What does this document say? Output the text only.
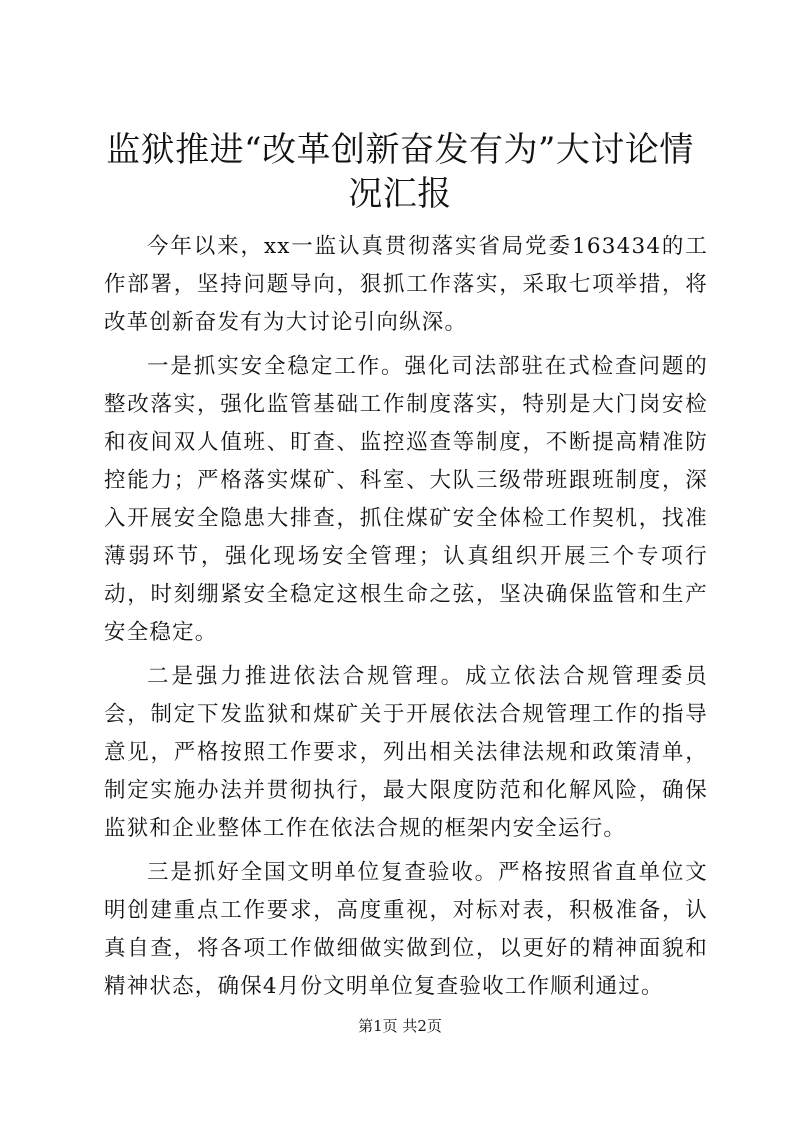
监狱推进“改革创新奋发有为”大讨论情况汇报

今年以来，xx一监认真贯彻落实省局党委163434的工作部署，坚持问题导向，狠抓工作落实，采取七项举措，将改革创新奋发有为大讨论引向纵深。

一是抓实安全稳定工作。强化司法部驻在式检查问题的整改落实，强化监管基础工作制度落实，特别是大门岗安检和夜间双人值班、盯查、监控巡查等制度，不断提高精准防控能力；严格落实煤矿、科室、大队三级带班跟班制度，深入开展安全隐患大排查，抓住煤矿安全体检工作契机，找准薄弱环节，强化现场安全管理；认真组织开展三个专项行动，时刻绷紧安全稳定这根生命之弦，坚决确保监管和生产安全稳定。

二是强力推进依法合规管理。成立依法合规管理委员会，制定下发监狱和煤矿关于开展依法合规管理工作的指导意见，严格按照工作要求，列出相关法律法规和政策清单，制定实施办法并贯彻执行，最大限度防范和化解风险，确保监狱和企业整体工作在依法合规的框架内安全运行。

三是抓好全国文明单位复查验收。严格按照省直单位文明创建重点工作要求，高度重视，对标对表，积极准备，认真自查，将各项工作做细做实做到位，以更好的精神面貌和精神状态，确保4月份文明单位复查验收工作顺利通过。

第1页 共2页
